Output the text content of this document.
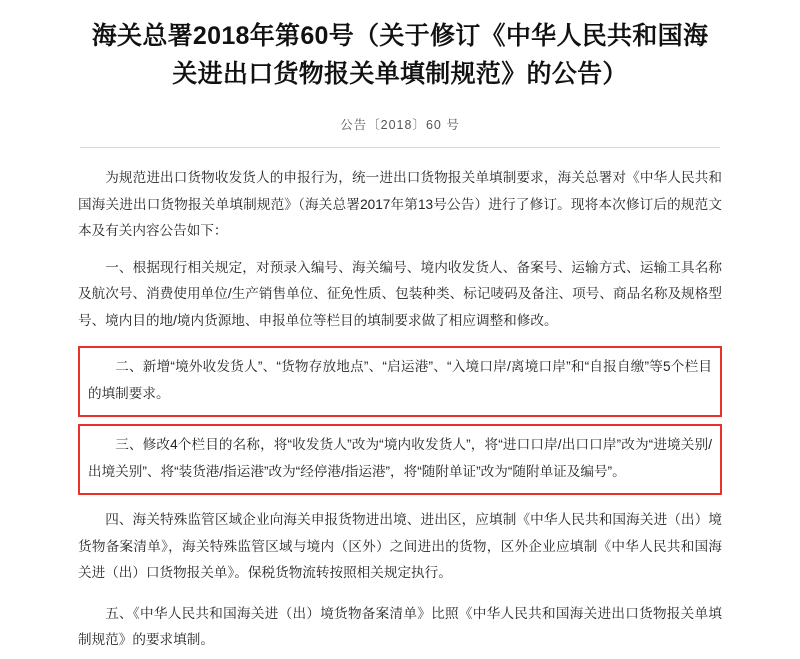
海关总署2018年第60号（关于修订《中华人民共和国海关进出口货物报关单填制规范》的公告）
公告〔2018〕60 号

为规范进出口货物收发货人的申报行为，统一进出口货物报关单填制要求，海关总署对《中华人民共和国海关进出口货物报关单填制规范》（海关总署2017年第13号公告）进行了修订。现将本次修订后的规范文本及有关内容公告如下：

一、根据现行相关规定，对预录入编号、海关编号、境内收发货人、备案号、运输方式、运输工具名称及航次号、消费使用单位/生产销售单位、征免性质、包装种类、标记唛码及备注、项号、商品名称及规格型号、境内目的地/境内货源地、申报单位等栏目的填制要求做了相应调整和修改。

二、新增“境外收发货人”、“货物存放地点”、“启运港”、“入境口岸/离境口岸”和“自报自缴”等5个栏目的填制要求。

三、修改4个栏目的名称，将“收发货人”改为“境内收发货人”，将“进口口岸/出口口岸”改为“进境关别/出境关别”、将“装货港/指运港”改为“经停港/指运港”，将“随附单证”改为“随附单证及编号”。

四、海关特殊监管区域企业向海关申报货物进出境、进出区，应填制《中华人民共和国海关进（出）境货物备案清单》，海关特殊监管区域与境内（区外）之间进出的货物，区外企业应填制《中华人民共和国海关进（出）口货物报关单》。保税货物流转按照相关规定执行。

五、《中华人民共和国海关进（出）境货物备案清单》比照《中华人民共和国海关进出口货物报关单填制规范》的要求填制。
